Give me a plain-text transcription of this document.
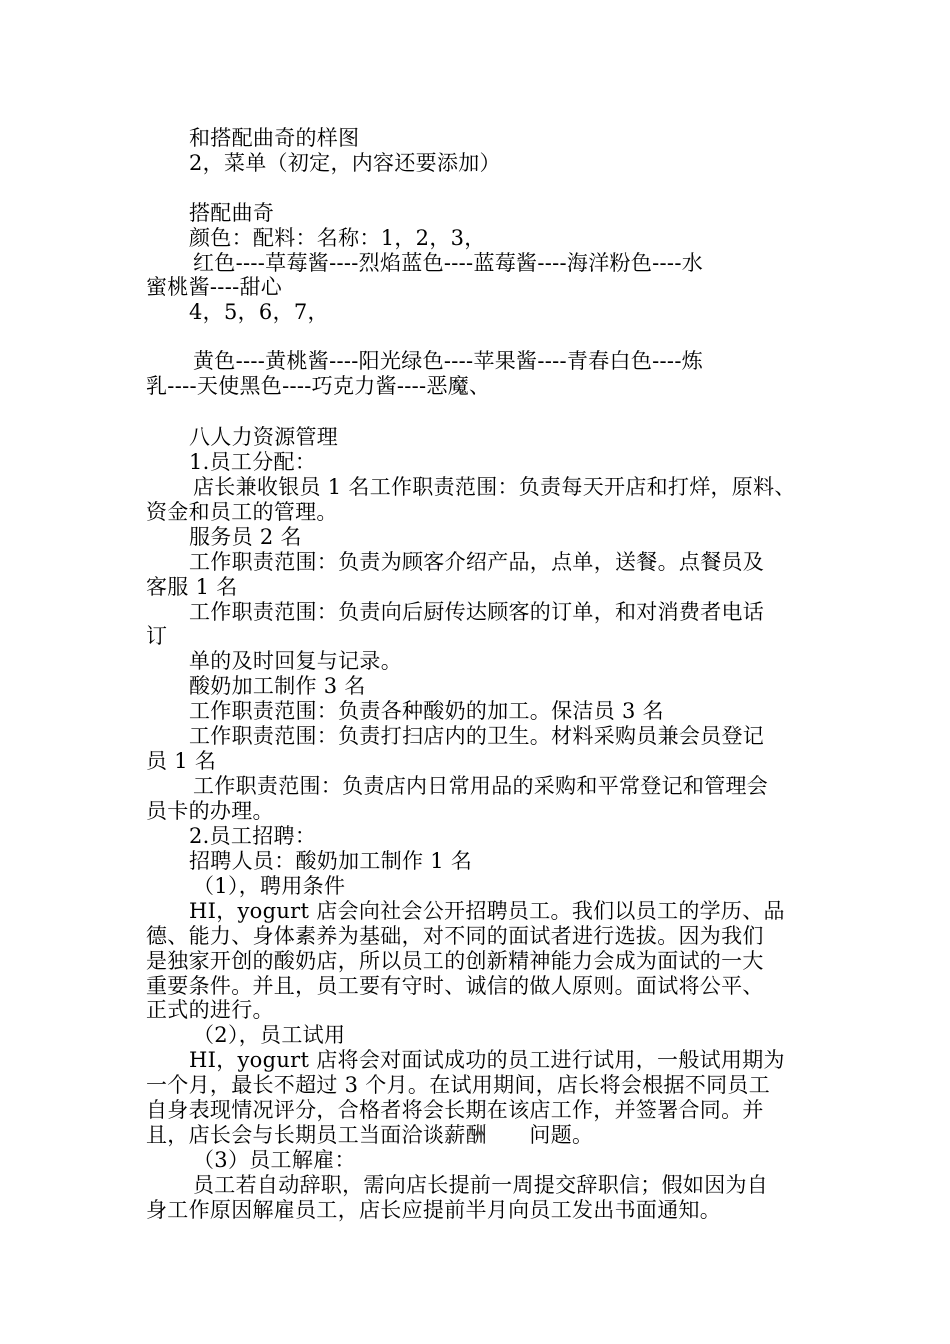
和搭配曲奇的样图
2，菜单（初定，内容还要添加）
搭配曲奇
颜色：配料：名称：1，2，3，
红色----草莓酱----烈焰蓝色----蓝莓酱----海洋粉色----水
蜜桃酱----甜心
4，5，6，7，
黄色----黄桃酱----阳光绿色----苹果酱----青春白色----炼
乳----天使黑色----巧克力酱----恶魔、
八人力资源管理
1.员工分配：
店长兼收银员 1 名工作职责范围：负责每天开店和打烊，原料、
资金和员工的管理。
服务员 2 名
工作职责范围：负责为顾客介绍产品，点单，送餐。点餐员及
客服 1 名
工作职责范围：负责向后厨传达顾客的订单，和对消费者电话
订
单的及时回复与记录。
酸奶加工制作 3 名
工作职责范围：负责各种酸奶的加工。保洁员 3 名
工作职责范围：负责打扫店内的卫生。材料采购员兼会员登记
员 1 名
工作职责范围：负责店内日常用品的采购和平常登记和管理会
员卡的办理。
2.员工招聘：
招聘人员：酸奶加工制作 1 名
（1），聘用条件
HI，yogurt 店会向社会公开招聘员工。我们以员工的学历、品
德、能力、身体素养为基础，对不同的面试者进行选拔。因为我们
是独家开创的酸奶店，所以员工的创新精神能力会成为面试的一大
重要条件。并且，员工要有守时、诚信的做人原则。面试将公平、
正式的进行。
（2），员工试用
HI，yogurt 店将会对面试成功的员工进行试用，一般试用期为
一个月，最长不超过 3 个月。在试用期间，店长将会根据不同员工
自身表现情况评分，合格者将会长期在该店工作，并签署合同。并
且，店长会与长期员工当面洽谈薪酬　　问题。
（3）员工解雇：
员工若自动辞职，需向店长提前一周提交辞职信；假如因为自
身工作原因解雇员工，店长应提前半月向员工发出书面通知。
